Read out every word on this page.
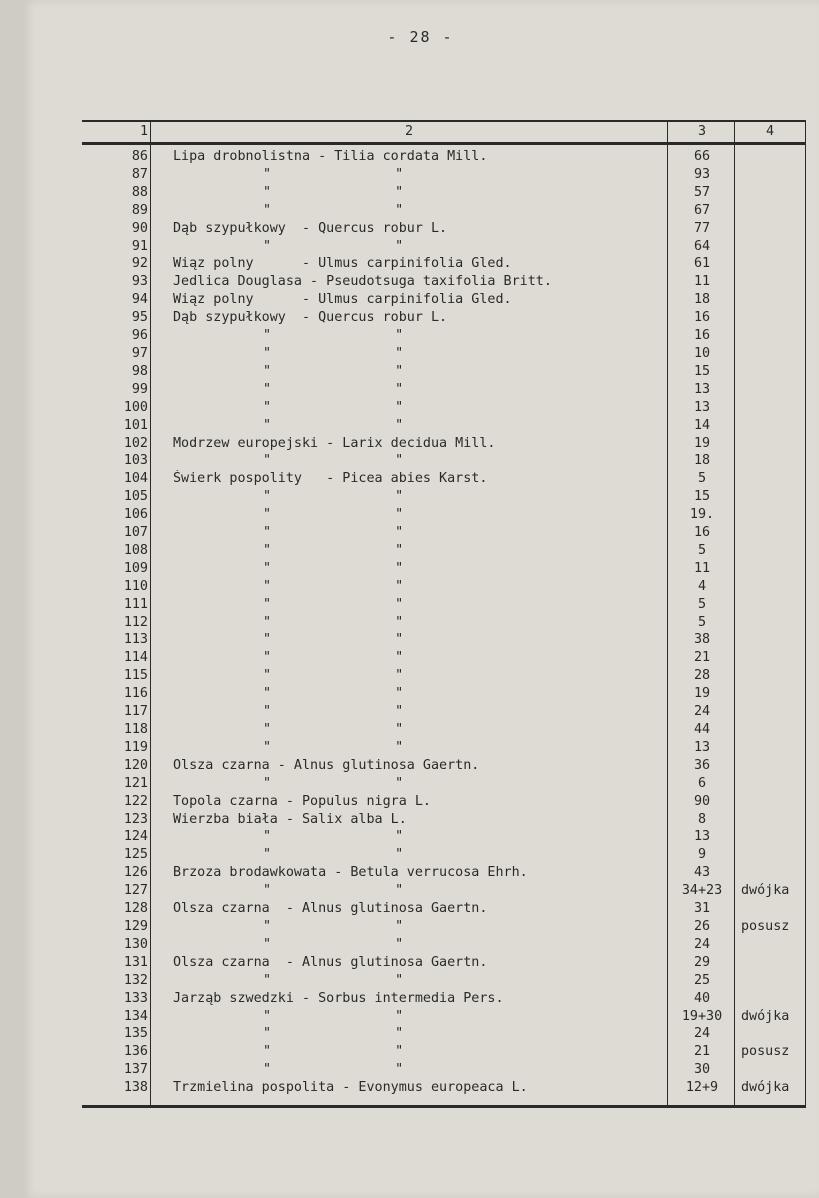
- 28 -
1	2	3	4
86	Lipa drobnolistna - Tilia cordata Mill.	66	
87	" "	93	
88	" "	57	
89	" "	67	
90	Dąb szypułkowy  - Quercus robur L.	77	
91	" "	64	
92	Wiąz polny      - Ulmus carpinifolia Gled.	61	
93	Jedlica Douglasa - Pseudotsuga taxifolia Britt.	11	
94	Wiąz polny      - Ulmus carpinifolia Gled.	18	
95	Dąb szypułkowy  - Quercus robur L.	16	
96	" "	16	
97	" "	10	
98	" "	15	
99	" "	13	
100	" "	13	
101	" "	14	
102	Modrzew europejski - Larix decidua Mill.	19	
103	" "	18	
104	Świerk pospolity   - Picea abies Karst.	5	
105	" "	15	
106	" "	19.	
107	" "	16	
108	" "	5	
109	" "	11	
110	" "	4	
111	" "	5	
112	" "	5	
113	" "	38	
114	" "	21	
115	" "	28	
116	" "	19	
117	" "	24	
118	" "	44	
119	" "	13	
120	Olsza czarna - Alnus glutinosa Gaertn.	36	
121	" "	6	
122	Topola czarna - Populus nigra L.	90	
123	Wierzba biała - Salix alba L.	8	
124	" "	13	
125	" "	9	
126	Brzoza brodawkowata - Betula verrucosa Ehrh.	43	
127	" "	34+23	dwójka
128	Olsza czarna  - Alnus glutinosa Gaertn.	31	
129	" "	26	posusz
130	" "	24	
131	Olsza czarna  - Alnus glutinosa Gaertn.	29	
132	" "	25	
133	Jarząb szwedzki - Sorbus intermedia Pers.	40	
134	" "	19+30	dwójka
135	" "	24	
136	" "	21	posusz
137	" "	30	
138	Trzmielina pospolita - Evonymus europeaca L.	12+9	dwójka
